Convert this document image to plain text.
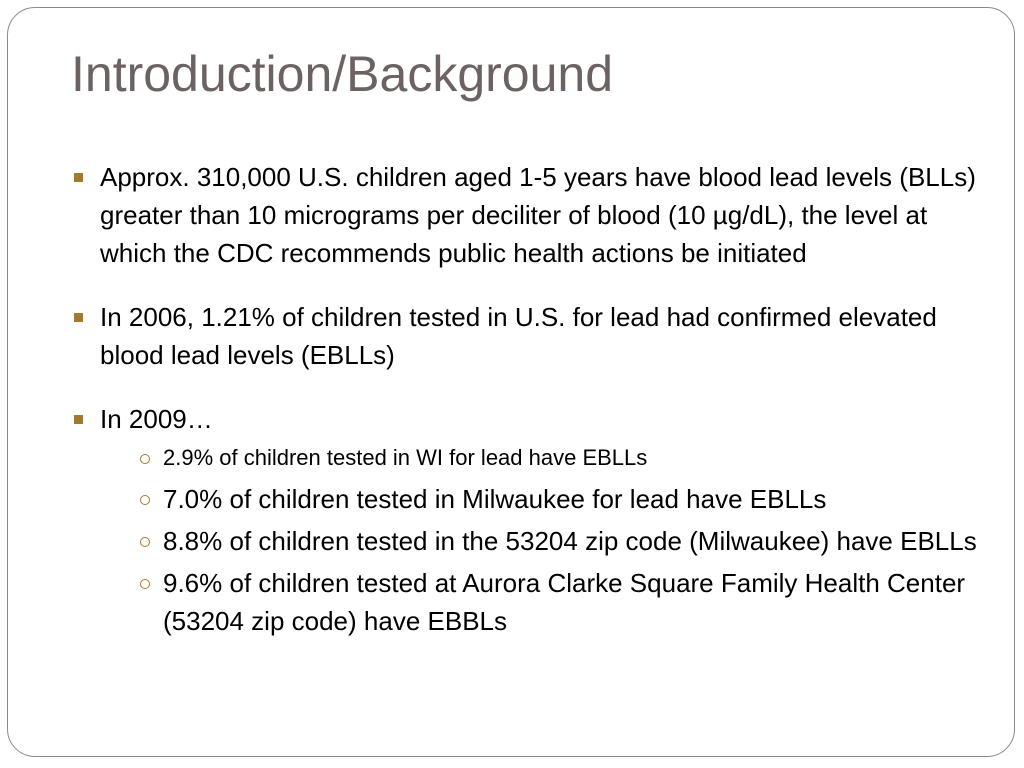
Introduction/Background
Approx. 310,000 U.S. children aged 1-5 years have blood lead levels (BLLs) greater than 10 micrograms per deciliter of blood (10 µg/dL), the level at which the CDC recommends public health actions be initiated
In 2006, 1.21% of children tested in U.S. for lead had confirmed elevated blood lead levels (EBLLs)
In 2009…
2.9% of children tested in WI for lead have EBLLs
7.0% of children tested in Milwaukee for lead have EBLLs
8.8% of children tested in the 53204 zip code (Milwaukee) have EBLLs
9.6% of children tested at Aurora Clarke Square Family Health Center (53204 zip code) have EBBLs
